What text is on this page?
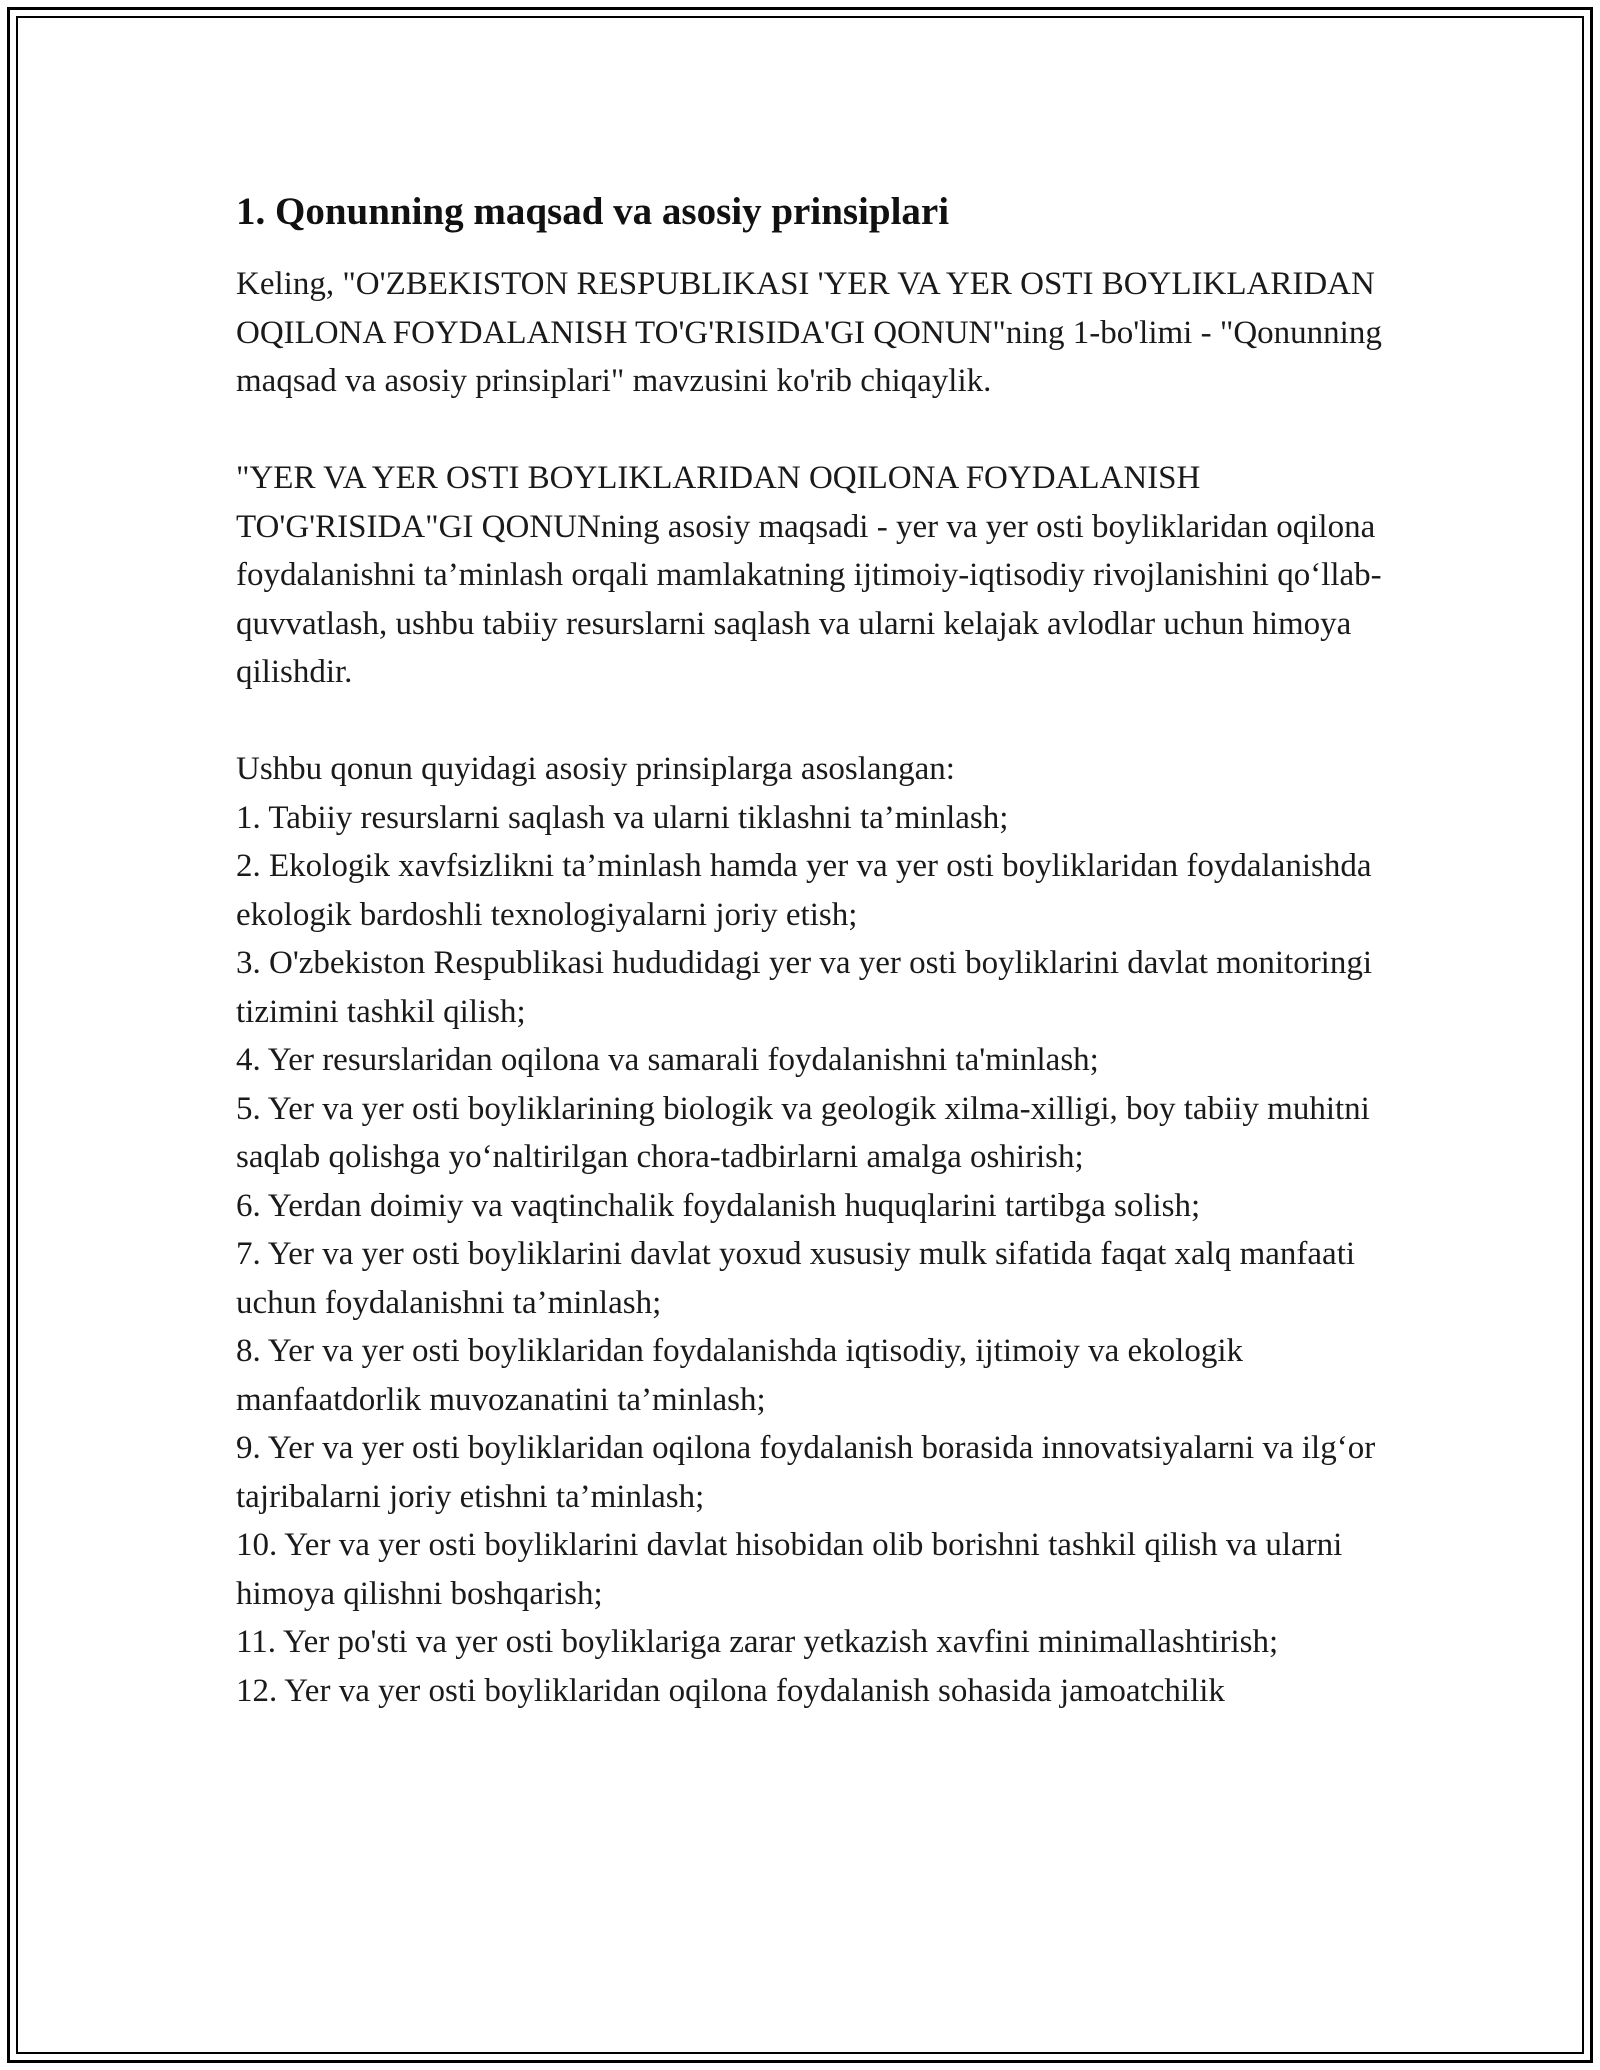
1. Qonunning maqsad va asosiy prinsiplari

Keling, "O'ZBEKISTON RESPUBLIKASI 'YER VA YER OSTI BOYLIKLARIDAN OQILONA FOYDALANISH TO'G'RISIDA'GI QONUN"ning 1-bo'limi - "Qonunning maqsad va asosiy prinsiplari" mavzusini ko'rib chiqaylik.

"YER VA YER OSTI BOYLIKLARIDAN OQILONA FOYDALANISH TO'G'RISIDA"GI QONUNning asosiy maqsadi - yer va yer osti boyliklaridan oqilona foydalanishni ta’minlash orqali mamlakatning ijtimoiy-iqtisodiy rivojlanishini qo‘llab-quvvatlash, ushbu tabiiy resurslarni saqlash va ularni kelajak avlodlar uchun himoya qilishdir.

Ushbu qonun quyidagi asosiy prinsiplarga asoslangan:

1. Tabiiy resurslarni saqlash va ularni tiklashni ta’minlash;
2. Ekologik xavfsizlikni ta’minlash hamda yer va yer osti boyliklaridan foydalanishda ekologik bardoshli texnologiyalarni joriy etish;
3. O'zbekiston Respublikasi hududidagi yer va yer osti boyliklarini davlat monitoringi tizimini tashkil qilish;
4. Yer resurslaridan oqilona va samarali foydalanishni ta'minlash;
5. Yer va yer osti boyliklarining biologik va geologik xilma-xilligi, boy tabiiy muhitni saqlab qolishga yo‘naltirilgan chora-tadbirlarni amalga oshirish;
6. Yerdan doimiy va vaqtinchalik foydalanish huquqlarini tartibga solish;
7. Yer va yer osti boyliklarini davlat yoxud xususiy mulk sifatida faqat xalq manfaati uchun foydalanishni ta’minlash;
8. Yer va yer osti boyliklaridan foydalanishda iqtisodiy, ijtimoiy va ekologik manfaatdorlik muvozanatini ta’minlash;
9. Yer va yer osti boyliklaridan oqilona foydalanish borasida innovatsiyalarni va ilg‘or tajribalarni joriy etishni ta’minlash;
10. Yer va yer osti boyliklarini davlat hisobidan olib borishni tashkil qilish va ularni himoya qilishni boshqarish;
11. Yer po'sti va yer osti boyliklariga zarar yetkazish xavfini minimallashtirish;
12. Yer va yer osti boyliklaridan oqilona foydalanish sohasida jamoatchilik
